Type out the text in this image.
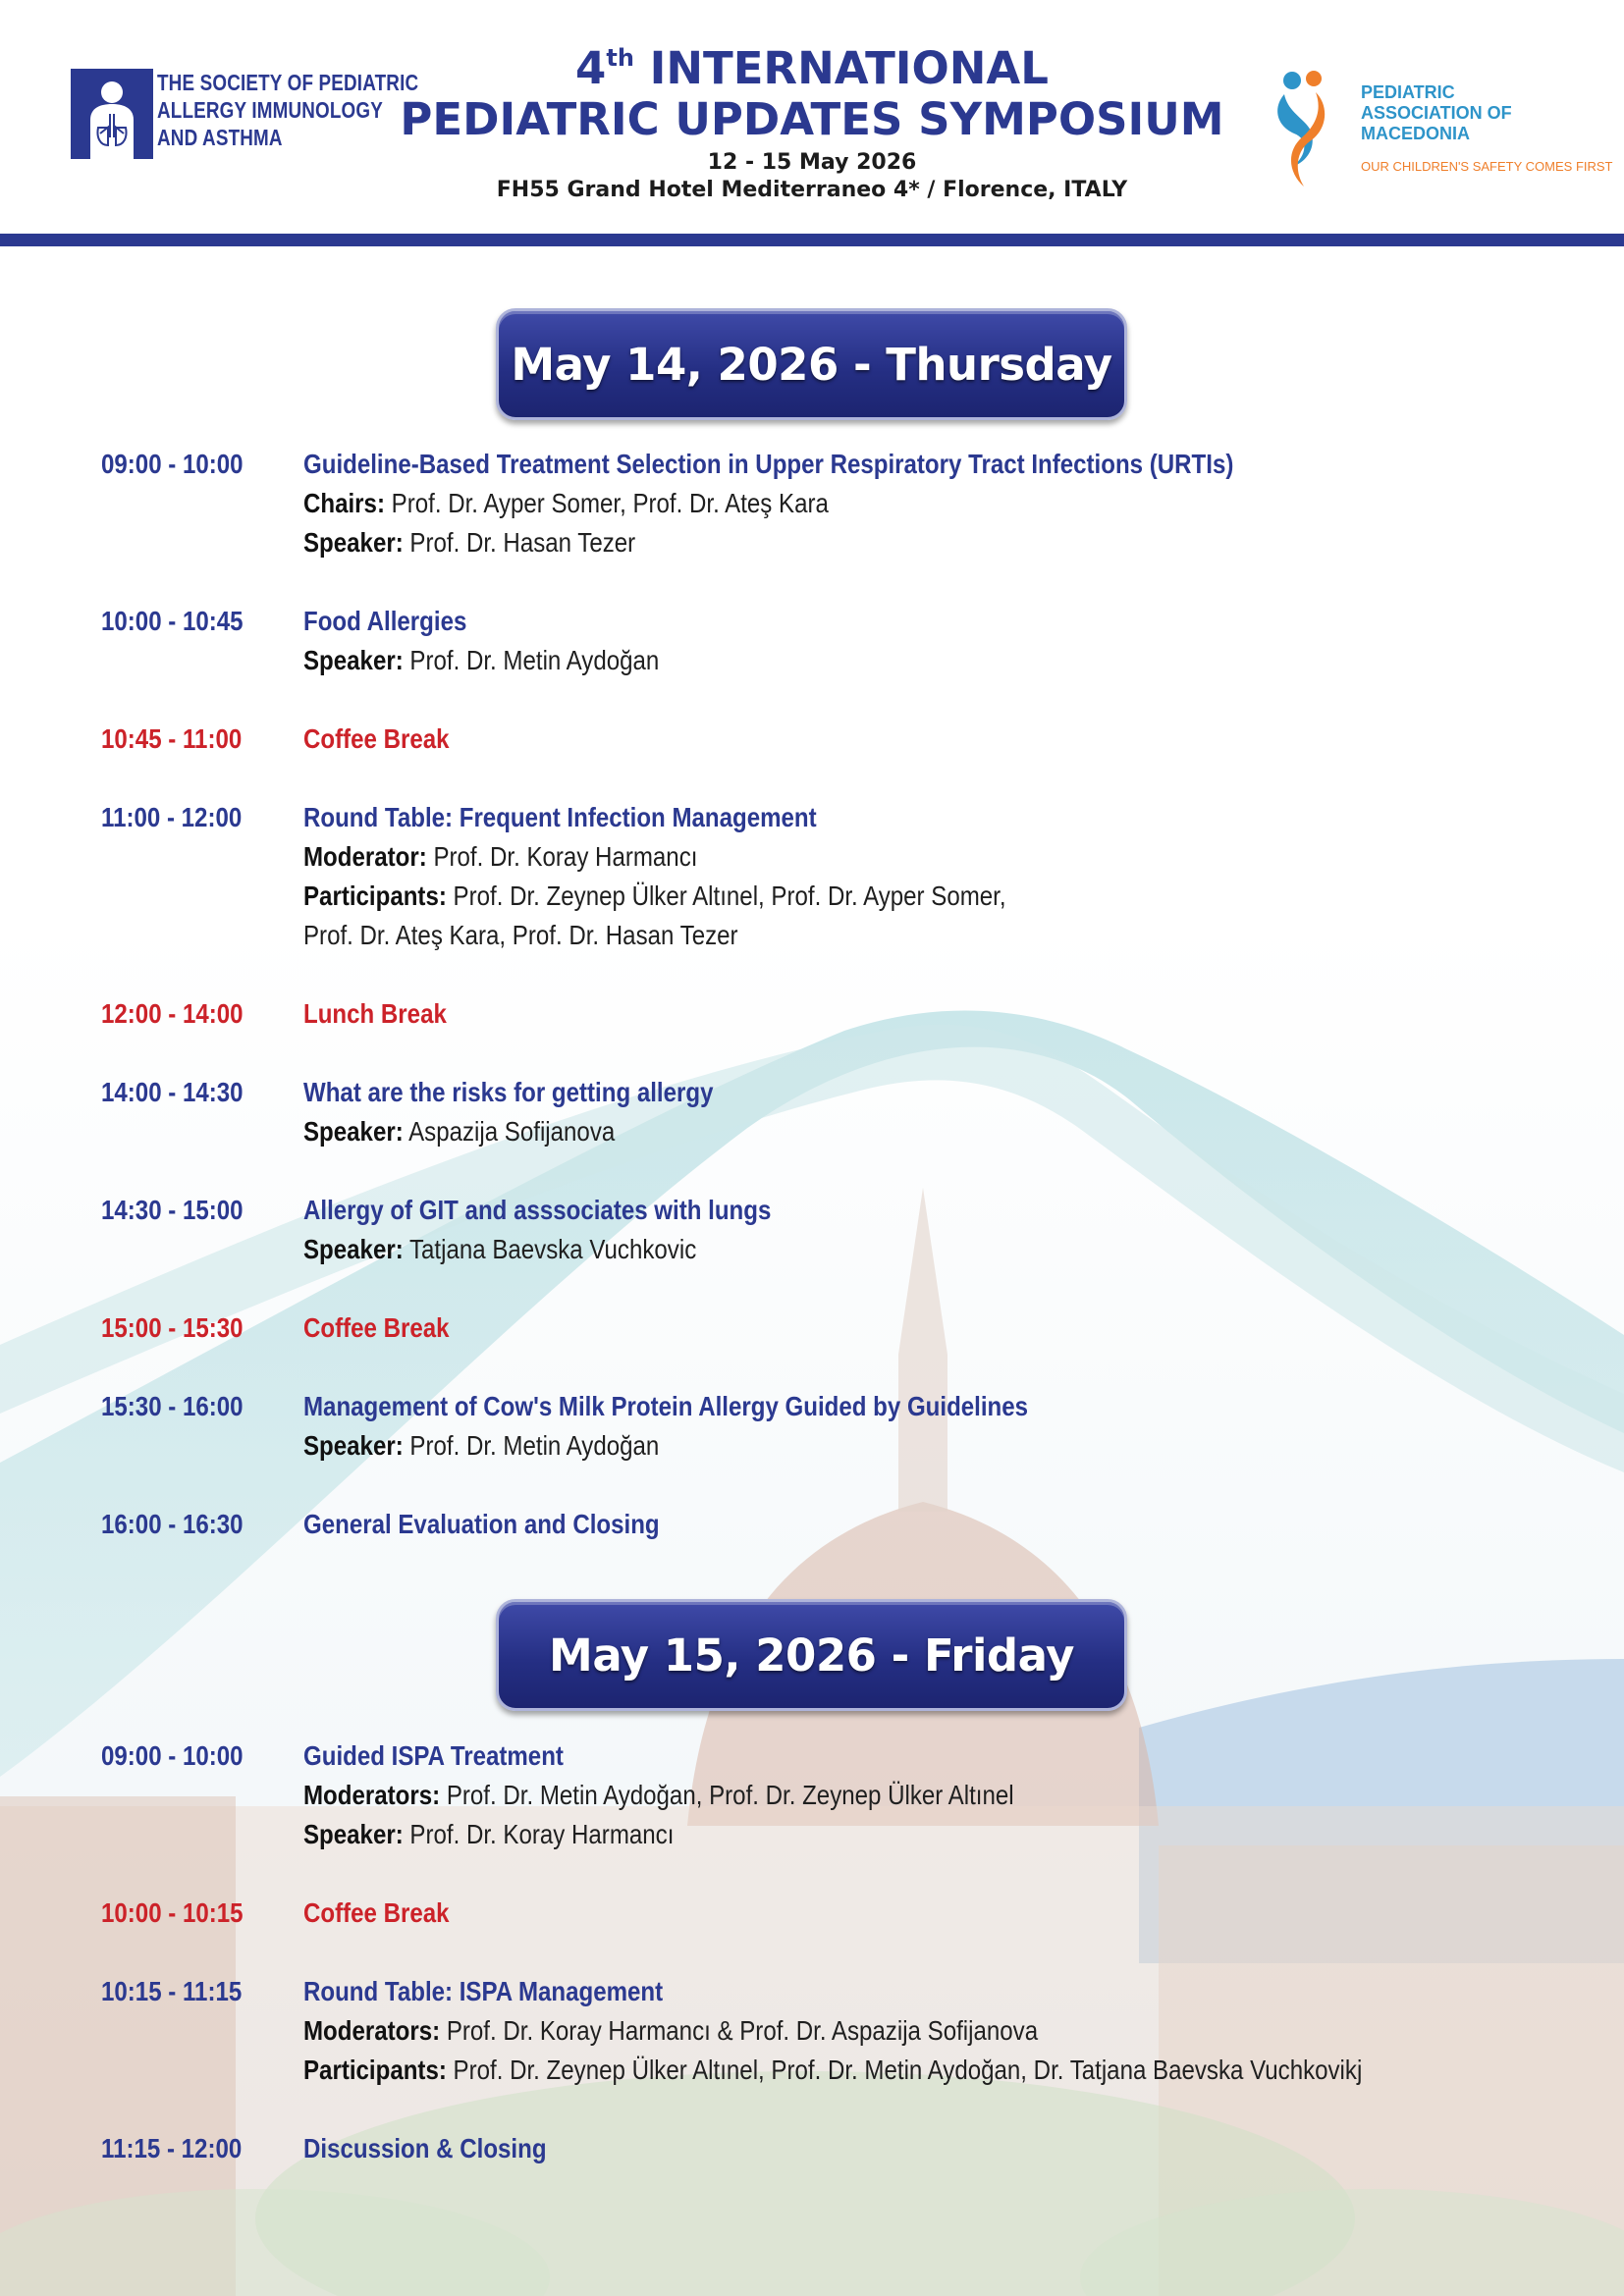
THE SOCIETY OF PEDIATRIC
ALLERGY IMMUNOLOGY
AND ASTHMA
4th INTERNATIONAL
PEDIATRIC UPDATES SYMPOSIUM
12 - 15 May 2026
FH55 Grand Hotel Mediterraneo 4* / Florence, ITALY
PEDIATRIC
ASSOCIATION OF
MACEDONIA
OUR CHILDREN'S SAFETY COMES FIRST
May 14, 2026 - Thursday
09:00 - 10:00 Guideline-Based Treatment Selection in Upper Respiratory Tract Infections (URTIs)
Chairs: Prof. Dr. Ayper Somer, Prof. Dr. Ateş Kara
Speaker: Prof. Dr. Hasan Tezer
10:00 - 10:45 Food Allergies
Speaker: Prof. Dr. Metin Aydoğan
10:45 - 11:00 Coffee Break
11:00 - 12:00 Round Table: Frequent Infection Management
Moderator: Prof. Dr. Koray Harmancı
Participants: Prof. Dr. Zeynep Ülker Altınel, Prof. Dr. Ayper Somer,
Prof. Dr. Ateş Kara, Prof. Dr. Hasan Tezer
12:00 - 14:00 Lunch Break
14:00 - 14:30 What are the risks for getting allergy
Speaker: Aspazija Sofijanova
14:30 - 15:00 Allergy of GIT and asssociates with lungs
Speaker: Tatjana Baevska Vuchkovic
15:00 - 15:30 Coffee Break
15:30 - 16:00 Management of Cow's Milk Protein Allergy Guided by Guidelines
Speaker: Prof. Dr. Metin Aydoğan
16:00 - 16:30 General Evaluation and Closing
May 15, 2026 - Friday
09:00 - 10:00 Guided ISPA Treatment
Moderators: Prof. Dr. Metin Aydoğan, Prof. Dr. Zeynep Ülker Altınel
Speaker: Prof. Dr. Koray Harmancı
10:00 - 10:15 Coffee Break
10:15 - 11:15 Round Table: ISPA Management
Moderators: Prof. Dr. Koray Harmancı & Prof. Dr. Aspazija Sofijanova
Participants: Prof. Dr. Zeynep Ülker Altınel, Prof. Dr. Metin Aydoğan, Dr. Tatjana Baevska Vuchkovikj
11:15 - 12:00 Discussion & Closing
